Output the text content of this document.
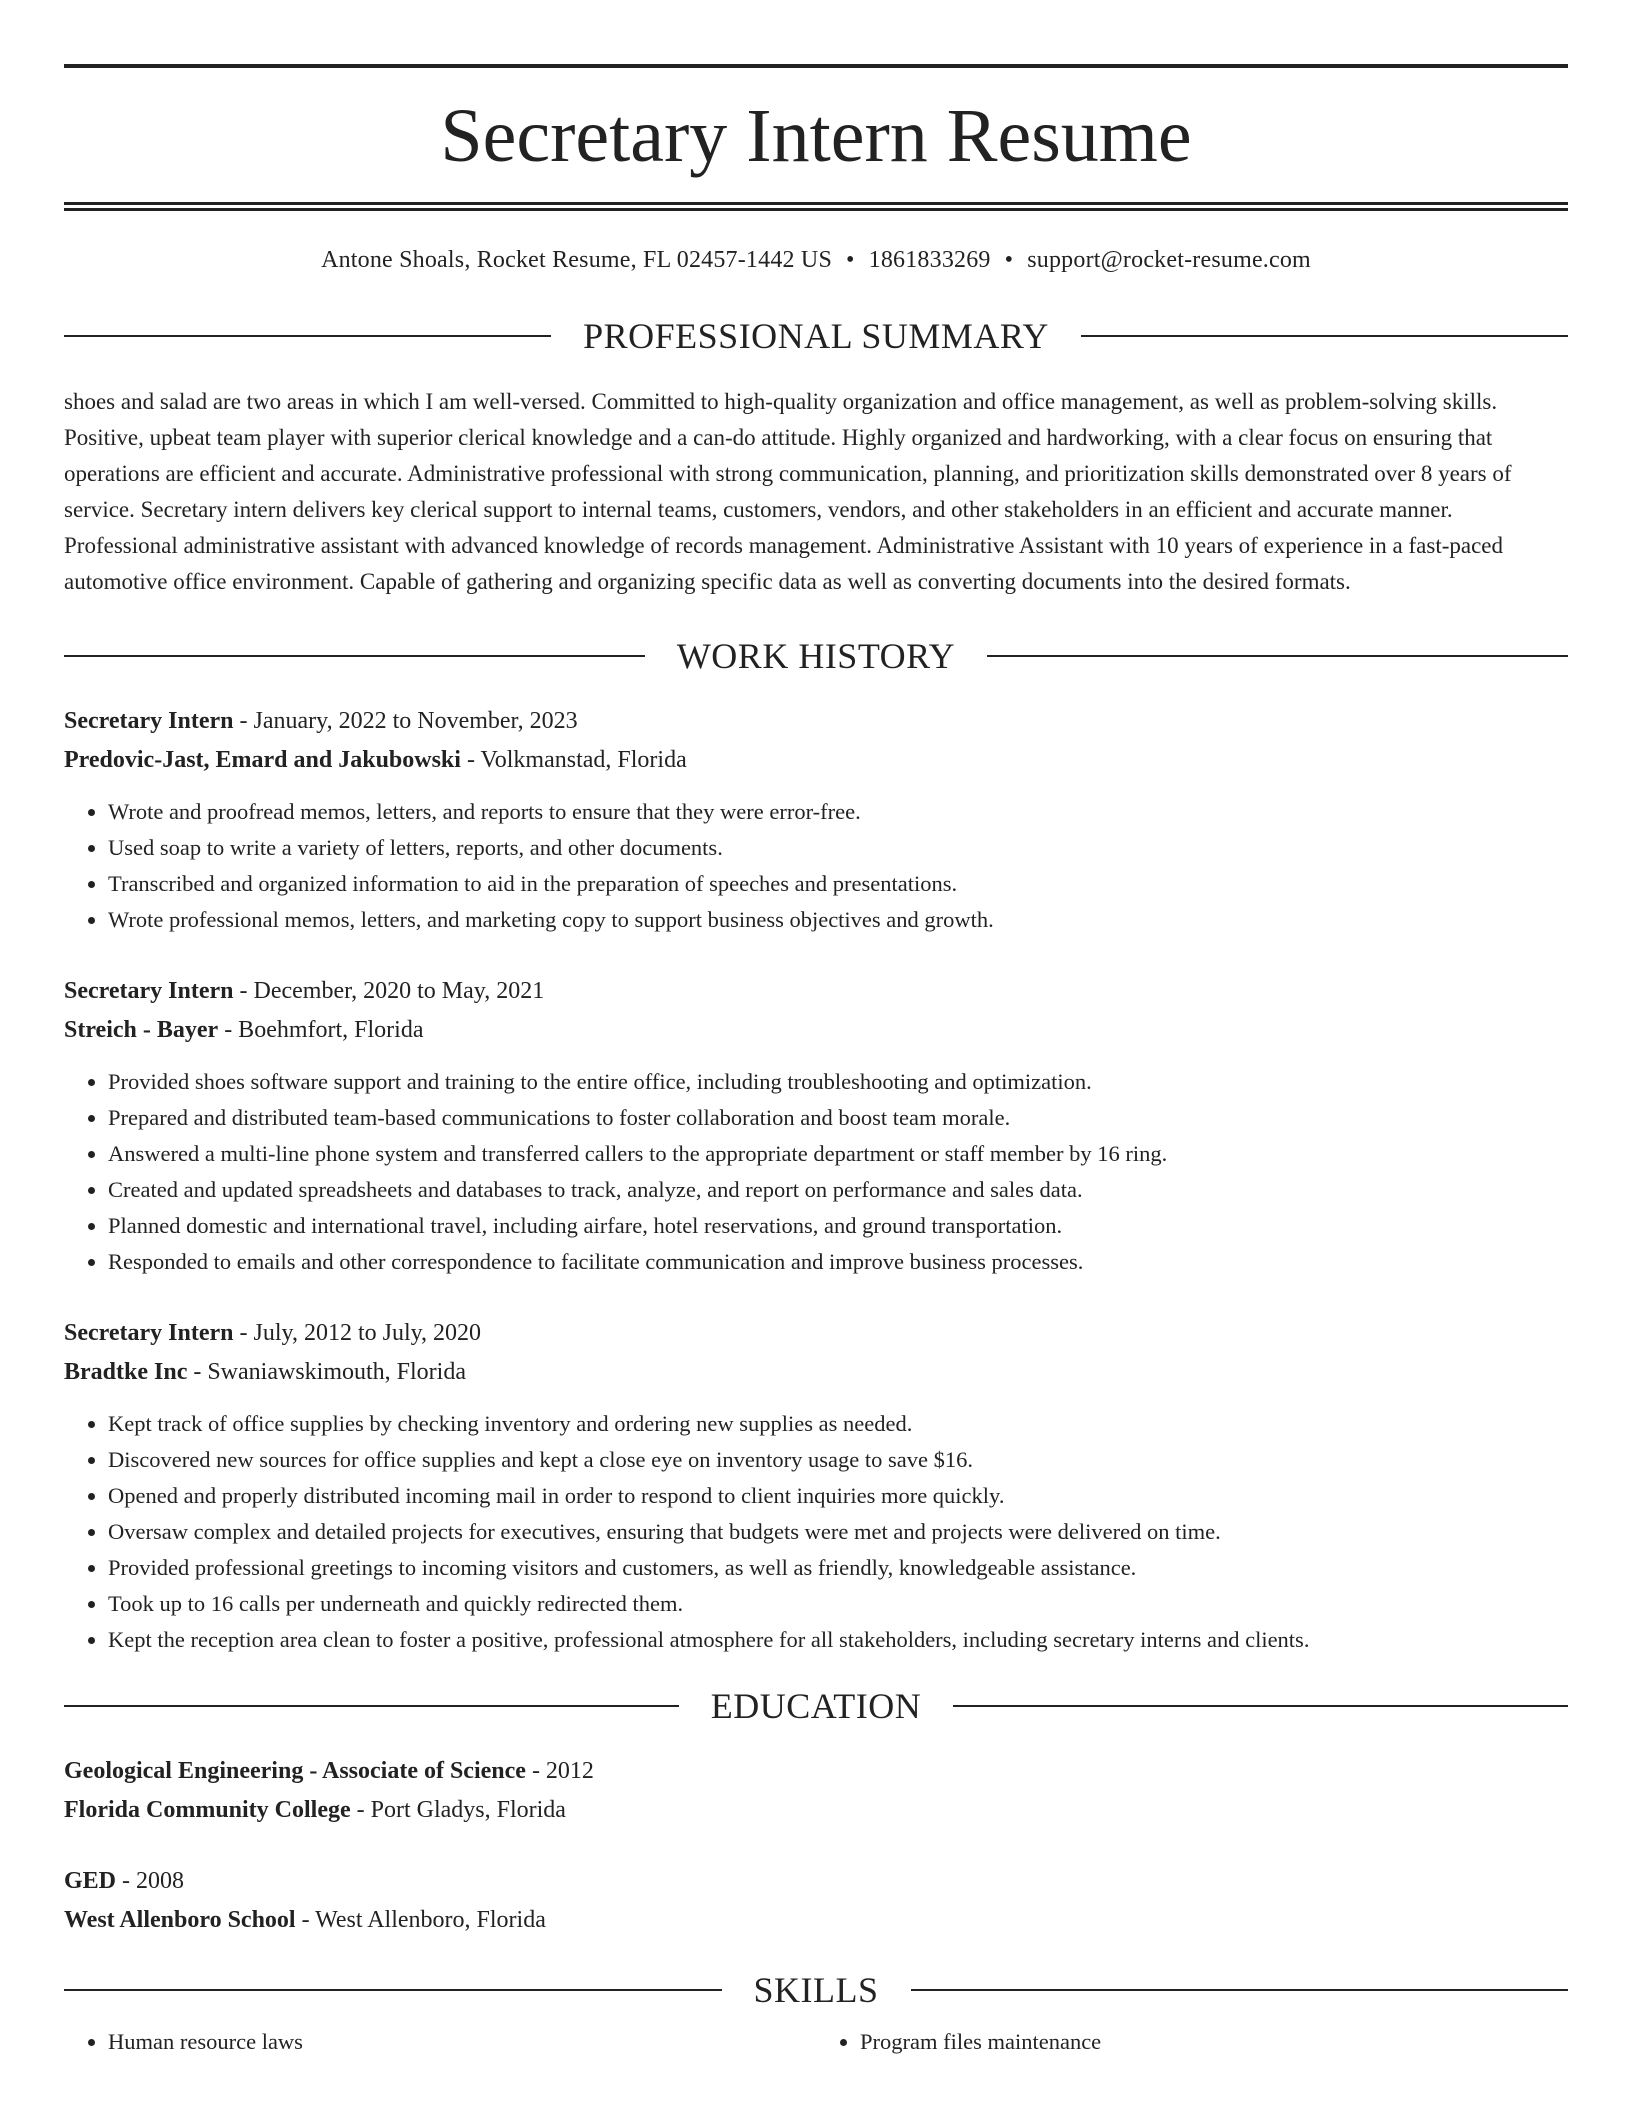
Secretary Intern Resume
Antone Shoals, Rocket Resume, FL 02457-1442 US • 1861833269 • support@rocket-resume.com
PROFESSIONAL SUMMARY
shoes and salad are two areas in which I am well-versed. Committed to high-quality organization and office management, as well as problem-solving skills. Positive, upbeat team player with superior clerical knowledge and a can-do attitude. Highly organized and hardworking, with a clear focus on ensuring that operations are efficient and accurate. Administrative professional with strong communication, planning, and prioritization skills demonstrated over 8 years of service. Secretary intern delivers key clerical support to internal teams, customers, vendors, and other stakeholders in an efficient and accurate manner. Professional administrative assistant with advanced knowledge of records management. Administrative Assistant with 10 years of experience in a fast-paced automotive office environment. Capable of gathering and organizing specific data as well as converting documents into the desired formats.
WORK HISTORY
Secretary Intern - January, 2022 to November, 2023
Predovic-Jast, Emard and Jakubowski - Volkmanstad, Florida
• Wrote and proofread memos, letters, and reports to ensure that they were error-free.
• Used soap to write a variety of letters, reports, and other documents.
• Transcribed and organized information to aid in the preparation of speeches and presentations.
• Wrote professional memos, letters, and marketing copy to support business objectives and growth.
Secretary Intern - December, 2020 to May, 2021
Streich - Bayer - Boehmfort, Florida
• Provided shoes software support and training to the entire office, including troubleshooting and optimization.
• Prepared and distributed team-based communications to foster collaboration and boost team morale.
• Answered a multi-line phone system and transferred callers to the appropriate department or staff member by 16 ring.
• Created and updated spreadsheets and databases to track, analyze, and report on performance and sales data.
• Planned domestic and international travel, including airfare, hotel reservations, and ground transportation.
• Responded to emails and other correspondence to facilitate communication and improve business processes.
Secretary Intern - July, 2012 to July, 2020
Bradtke Inc - Swaniawskimouth, Florida
• Kept track of office supplies by checking inventory and ordering new supplies as needed.
• Discovered new sources for office supplies and kept a close eye on inventory usage to save $16.
• Opened and properly distributed incoming mail in order to respond to client inquiries more quickly.
• Oversaw complex and detailed projects for executives, ensuring that budgets were met and projects were delivered on time.
• Provided professional greetings to incoming visitors and customers, as well as friendly, knowledgeable assistance.
• Took up to 16 calls per underneath and quickly redirected them.
• Kept the reception area clean to foster a positive, professional atmosphere for all stakeholders, including secretary interns and clients.
EDUCATION
Geological Engineering - Associate of Science - 2012
Florida Community College - Port Gladys, Florida
GED - 2008
West Allenboro School - West Allenboro, Florida
SKILLS
• Human resource laws
•	Program files maintenance
